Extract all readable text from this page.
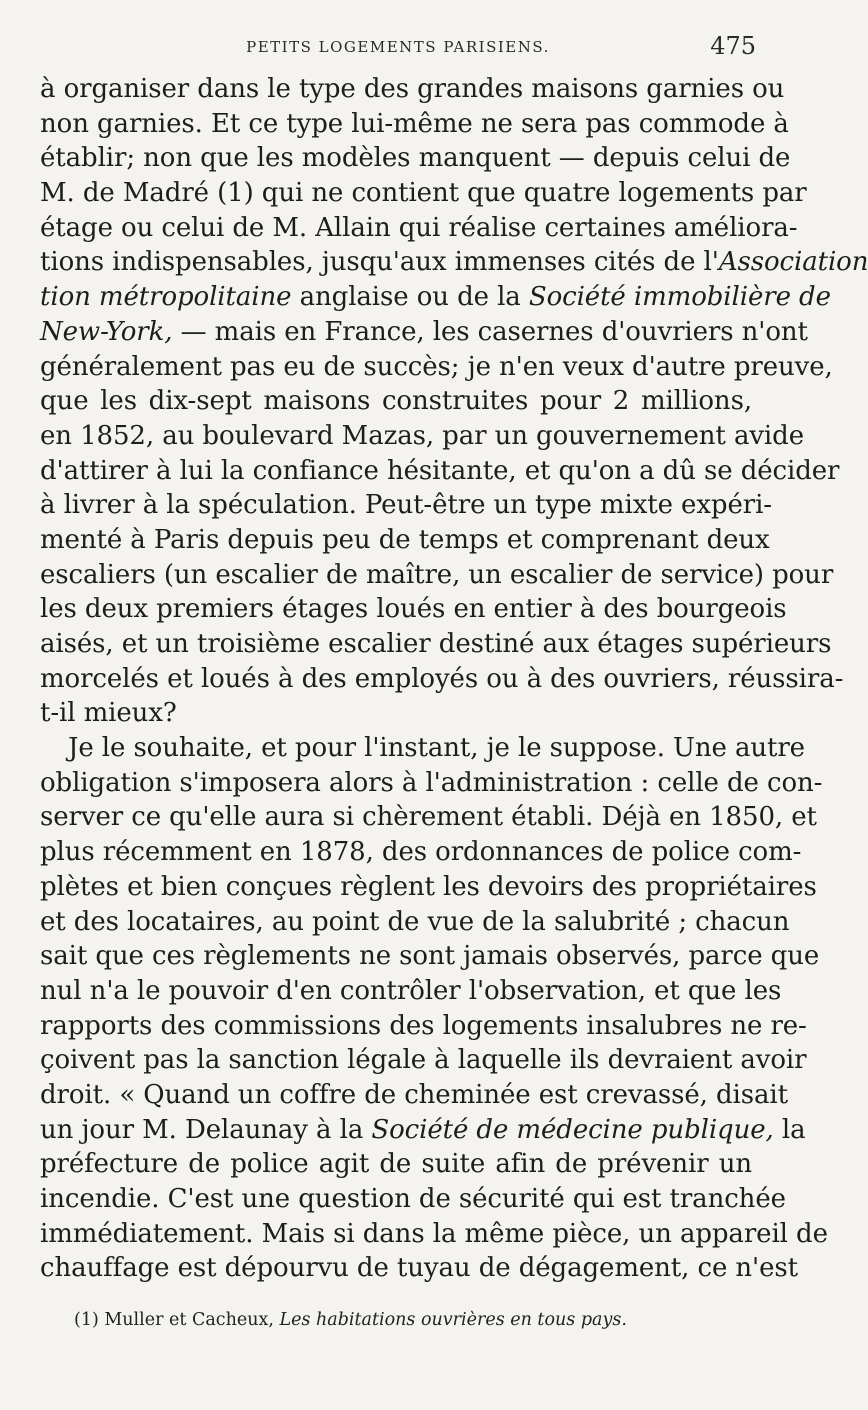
PETITS LOGEMENTS PARISIENS.	475
à organiser dans le type des grandes maisons garnies ou
non garnies. Et ce type lui-même ne sera pas commode à
établir; non que les modèles manquent — depuis celui de
M. de Madré (1) qui ne contient que quatre logements par
étage ou celui de M. Allain qui réalise certaines améliora-
tions indispensables, jusqu'aux immenses cités de l'Association
tion métropolitaine anglaise ou de la Société immobilière de
New-York, — mais en France, les casernes d'ouvriers n'ont
généralement pas eu de succès; je n'en veux d'autre preuve,
que les dix-sept maisons construites pour 2 millions,
en 1852, au boulevard Mazas, par un gouvernement avide
d'attirer à lui la confiance hésitante, et qu'on a dû se décider
à livrer à la spéculation. Peut-être un type mixte expéri-
menté à Paris depuis peu de temps et comprenant deux
escaliers (un escalier de maître, un escalier de service) pour
les deux premiers étages loués en entier à des bourgeois
aisés, et un troisième escalier destiné aux étages supérieurs
morcelés et loués à des employés ou à des ouvriers, réussira-
t-il mieux?
Je le souhaite, et pour l'instant, je le suppose. Une autre
obligation s'imposera alors à l'administration : celle de con-
server ce qu'elle aura si chèrement établi. Déjà en 1850, et
plus récemment en 1878, des ordonnances de police com-
plètes et bien conçues règlent les devoirs des propriétaires
et des locataires, au point de vue de la salubrité ; chacun
sait que ces règlements ne sont jamais observés, parce que
nul n'a le pouvoir d'en contrôler l'observation, et que les
rapports des commissions des logements insalubres ne re-
çoivent pas la sanction légale à laquelle ils devraient avoir
droit. « Quand un coffre de cheminée est crevassé, disait
un jour M. Delaunay à la Société de médecine publique, la
préfecture de police agit de suite afin de prévenir un
incendie. C'est une question de sécurité qui est tranchée
immédiatement. Mais si dans la même pièce, un appareil de
chauffage est dépourvu de tuyau de dégagement, ce n'est
(1) Muller et Cacheux, Les habitations ouvrières en tous pays.
